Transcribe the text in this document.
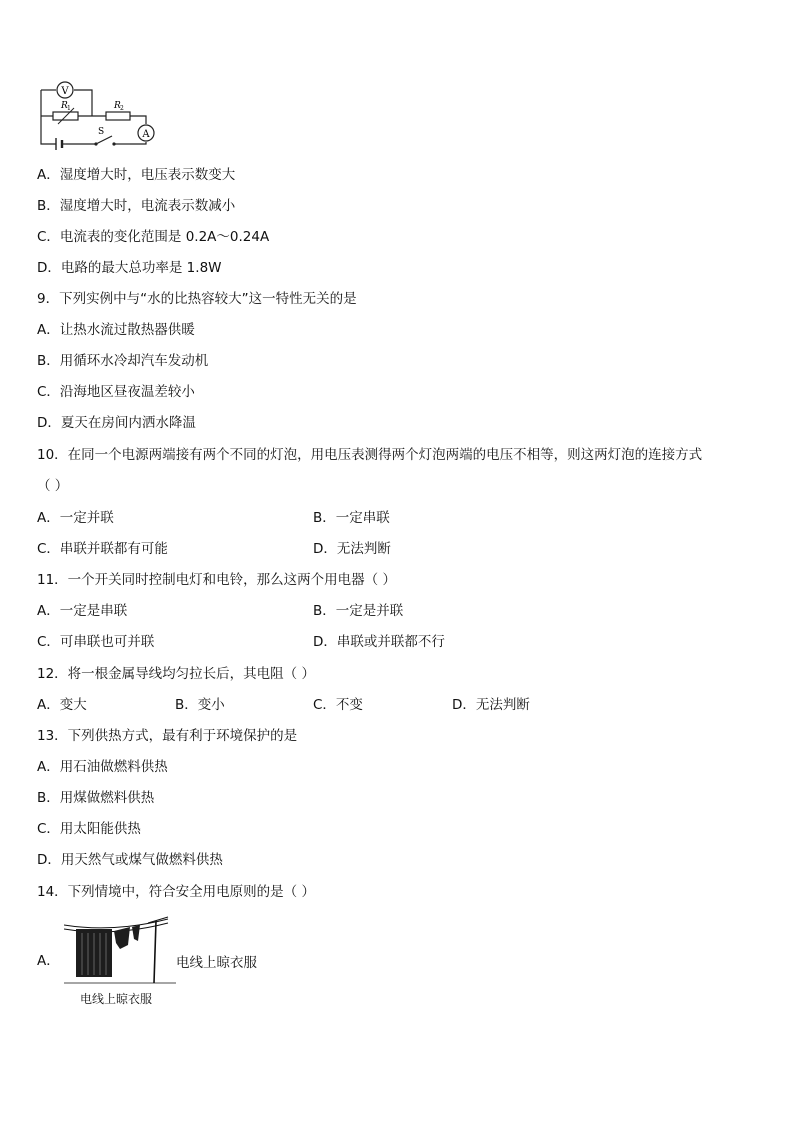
V
R 1	R 2
A
S
A．湿度增大时，电压表示数变大
B．湿度增大时，电流表示数减小
C．电流表的变化范围是 0.2A～0.24A
D．电路的最大总功率是 1.8W
9．下列实例中与“水的比热容较大”这一特性无关的是
A．让热水流过散热器供暖
B．用循环水冷却汽车发动机
C．沿海地区昼夜温差较小
D．夏天在房间内洒水降温
10．在同一个电源两端接有两个不同的灯泡，用电压表测得两个灯泡两端的电压不相等，则这两灯泡的连接方式
（ ）
A．一定并联	B．一定串联
C．串联并联都有可能	D．无法判断
11．一个开关同时控制电灯和电铃，那么这两个用电器（ ）
A．一定是串联	B．一定是并联
C．可串联也可并联	D．串联或并联都不行
12．将一根金属导线均匀拉长后，其电阻（ ）
A．变大	B．变小	C．不变	D．无法判断
13．下列供热方式，最有利于环境保护的是
A．用石油做燃料供热
B．用煤做燃料供热
C．用太阳能供热
D．用天然气或煤气做燃料供热
14．下列情境中，符合安全用电原则的是（ ）
A．
电线上晾衣服
电线上晾衣服
